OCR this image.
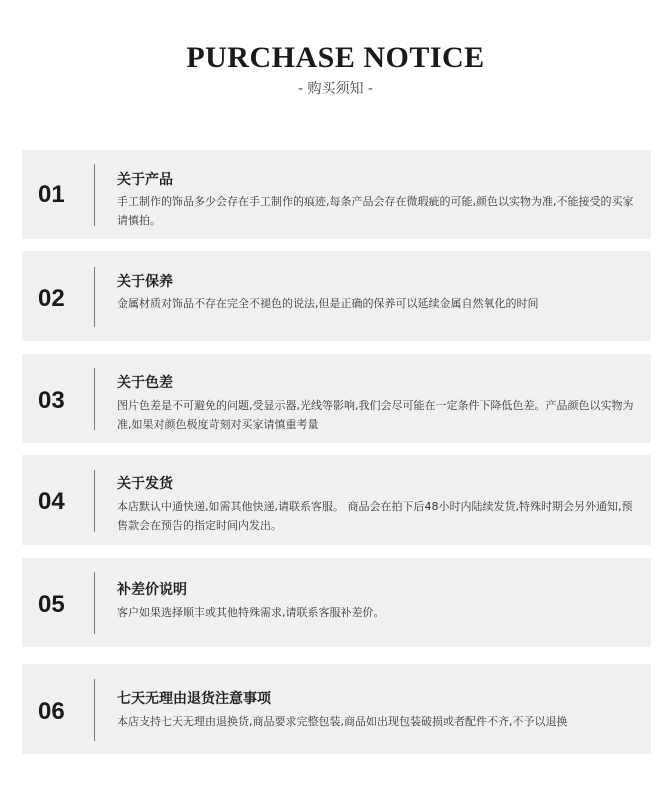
PURCHASE NOTICE
- 购买须知 -
01
关于产品
手工制作的饰品多少会存在手工制作的痕迹,每条产品会存在微瑕疵的可能,颜色以实物为准,不能接受的买家请慎拍。
02
关于保养
金属材质对饰品不存在完全不褪色的说法,但是正确的保养可以延续金属自然氧化的时间
03
关于色差
图片色差是不可避免的问题,受显示器,光线等影响,我们会尽可能在一定条件下降低色差。产品颜色以实物为准,如果对颜色极度苛刻对买家请慎重考量
04
关于发货
本店默认中通快递,如需其他快递,请联系客服。 商品会在拍下后48小时内陆续发货,特殊时期会另外通知,预售款会在预告的指定时间内发出。
05
补差价说明
客户如果选择顺丰或其他特殊需求,请联系客服补差价。
06	七天无理由退货注意事项
本店支持七天无理由退换货,商品要求完整包装,商品如出现包装破损或者配件不齐,不予以退换
